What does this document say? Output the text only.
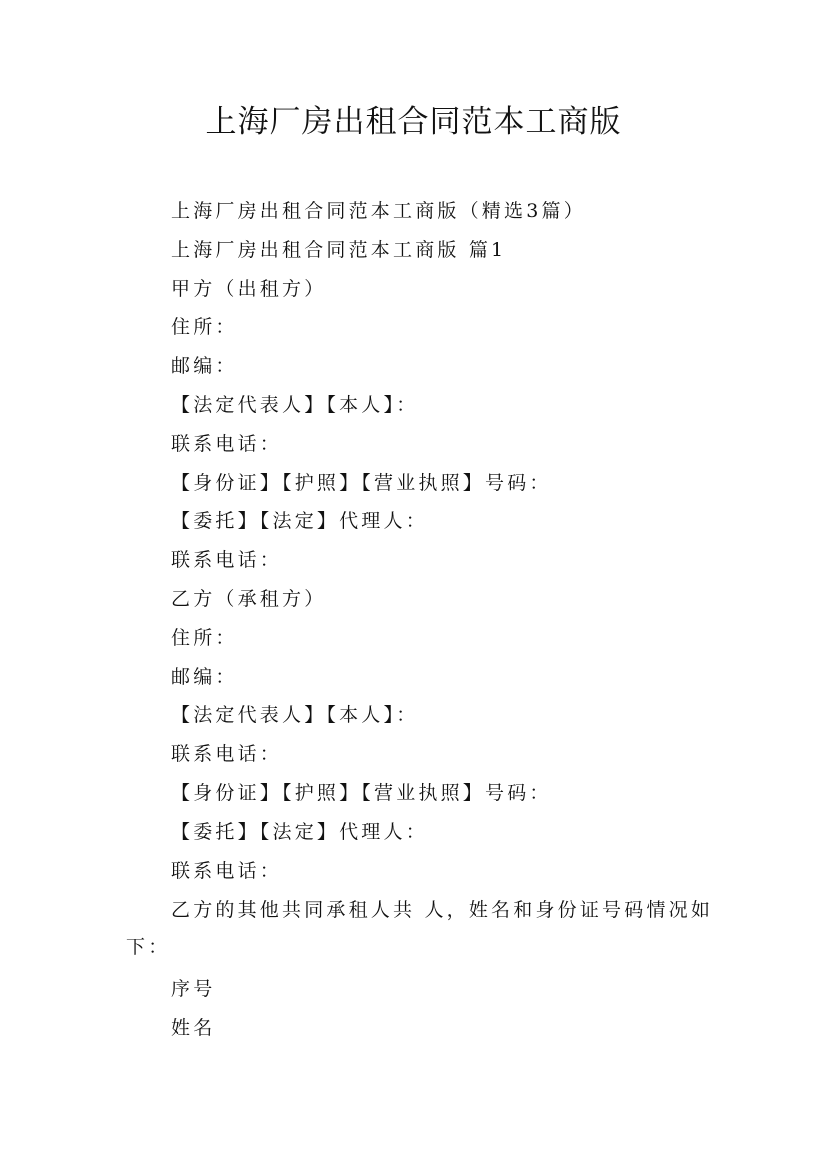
上海厂房出租合同范本工商版
上海厂房出租合同范本工商版（精选3篇）
上海厂房出租合同范本工商版 篇1
甲方（出租方）
住所：
邮编：
【法定代表人】【本人】：
联系电话：
【身份证】【护照】【营业执照】号码：
【委托】【法定】代理人：
联系电话：
乙方（承租方）
住所：
邮编：
【法定代表人】【本人】：
联系电话：
【身份证】【护照】【营业执照】号码：
【委托】【法定】代理人：
联系电话：
乙方的其他共同承租人共 人，姓名和身份证号码情况如下：
序号
姓名
